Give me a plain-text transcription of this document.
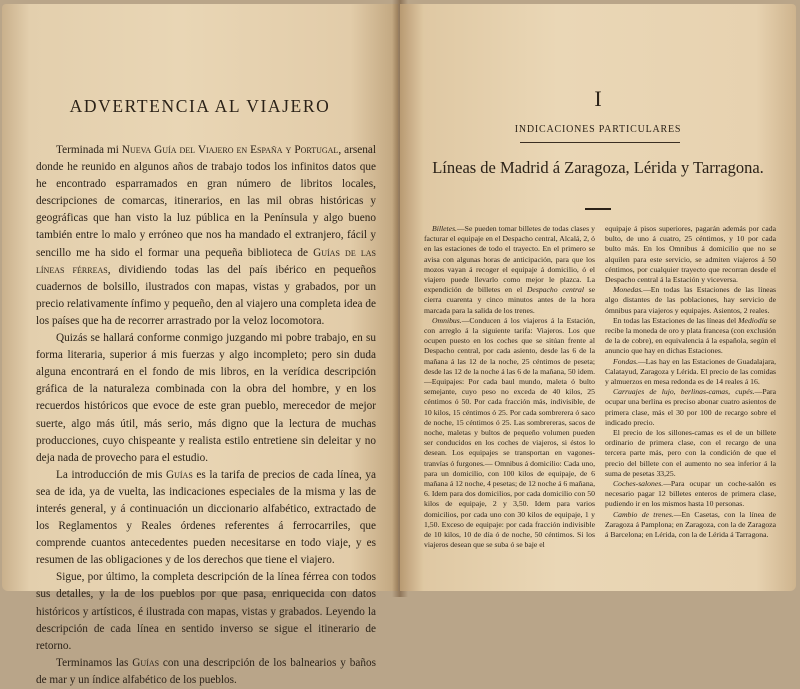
ADVERTENCIA AL VIAJERO

Terminada mi Nueva Guía del Viajero en España y Portugal, arsenal donde he reunido en algunos años de trabajo todos los infinitos datos que he encontrado esparramados en gran número de libritos locales, descripciones de comarcas, itinerarios, en las mil obras históricas y geográficas que han visto la luz pública en la Península y algo bueno también entre lo malo y erróneo que nos ha mandado el extranjero, fácil y sencillo me ha sido el formar una pequeña biblioteca de Guías de las líneas férreas, dividiendo todas las del país ibérico en pequeños cuadernos de bolsillo, ilustrados con mapas, vistas y grabados, por un precio relativamente ínfimo y pequeño, den al viajero una completa idea de los países que ha de recorrer arrastrado por la veloz locomotora.

Quizás se hallará conforme conmigo juzgando mi pobre trabajo, en su forma literaria, superior á mis fuerzas y algo incompleto; pero sin duda alguna encontrará en el fondo de mis libros, en la verídica descripción gráfica de la naturaleza combinada con la obra del hombre, y en los recuerdos históricos que evoce de este gran pueblo, merecedor de mejor suerte, algo más útil, más serio, más digno que la lectura de muchas producciones, cuyo chispeante y realista estilo entretiene sin deleitar y no deja nada de provecho para el estudio.

La introducción de mis Guías es la tarifa de precios de cada línea, ya sea de ida, ya de vuelta, las indicaciones especiales de la misma y las de interés general, y á continuación un diccionario alfabético, extractado de los Reglamentos y Reales órdenes referentes á ferrocarriles, que comprende cuantos antecedentes pueden necesitarse en todo viaje, y es resumen de las obligaciones y de los derechos que tiene el viajero.

Sigue, por último, la completa descripción de la línea férrea con todos sus detalles, y la de los pueblos por que pasa, enriquecida con datos históricos y artísticos, é ilustrada con mapas, vistas y grabados. Leyendo la descripción de cada línea en sentido inverso se sigue el itinerario de retorno.

Terminamos las Guías con una descripción de los balnearios y baños de mar y un índice alfabético de los pueblos.

I
INDICACIONES PARTICULARES
Líneas de Madrid á Zaragoza, Lérida y Tarragona.

Billetes.—Se pueden tomar billetes de todas clases y facturar el equipaje en el Despacho central, Alcalá, 2, ó en las estaciones de todo el trayecto. En el primero se avisa con algunas horas de anticipación, para que los mozos vayan á recoger el equipaje á domicilio, ó el viajero puede llevarlo como mejor le plazca. La expendición de billetes en el Despacho central se cierra cuarenta y cinco minutos antes de la hora marcada para la salida de los trenes.

Omnibus.—Conducen á los viajeros á la Estación, con arreglo á la siguiente tarifa: Viajeros. Los que ocupen puesto en los coches que se sitúan frente al Despacho central, por cada asiento, desde las 6 de la mañana á las 12 de la noche, 25 céntimos de peseta; desde las 12 de la noche á las 6 de la mañana, 50 idem. —Equipajes: Por cada baul mundo, maleta ó bulto semejante, cuyo peso no exceda de 40 kilos, 25 céntimos ó 50. Por cada fracción más, indivisible, de 10 kilos, 15 céntimos ó 25. Por cada sombrerera ó saco de noche, 15 céntimos ó 25. Las sombrereras, sacos de noche, maletas y bultos de pequeño volumen pueden ser conducidos en los coches de viajeros, si éstos lo desean. Los equipajes se transportan en vagones-tranvías ó furgones.— Omnibus á domicilio: Cada uno, para un domicilio, con 100 kilos de equipaje, de 6 mañana á 12 noche, 4 pesetas; de 12 noche á 6 mañana, 6. Idem para dos domicilios, por cada domicilio con 50 kilos de equipaje, 2 y 3,50. Idem para varios domicilios, por cada uno con 30 kilos de equipaje, 1 y 1,50. Exceso de equipaje: por cada fracción indivisible de 10 kilos, 10 de día ó de noche, 50 céntimos. Si los viajeros desean que se suba ó se baje el

equipaje á pisos superiores, pagarán además por cada bulto, de uno á cuatro, 25 céntimos, y 10 por cada bulto más. En los Omnibus á domicilio que no se alquilen para este servicio, se admiten viajeros á 50 céntimos, por cualquier trayecto que recorran desde el Despacho central á la Estación y viceversa.

Monedas.—En todas las Estaciones de las líneas algo distantes de las poblaciones, hay servicio de ómnibus para viajeros y equipajes. Asientos, 2 reales.

En todas las Estaciones de las líneas del Mediodía se recibe la moneda de oro y plata francesa (con exclusión de la de cobre), en equivalencia á la española, según el anuncio que hay en dichas Estaciones.

Fondas.—Las hay en las Estaciones de Guadalajara, Calatayud, Zaragoza y Lérida. El precio de las comidas y almuerzos en mesa redonda es de 14 reales á 16.

Carruajes de lujo, berlinas-camas, cupés.—Para ocupar una berlina es preciso abonar cuatro asientos de primera clase, más el 30 por 100 de recargo sobre el indicado precio.

El precio de los sillones-camas es el de un billete ordinario de primera clase, con el recargo de una tercera parte más, pero con la condición de que el precio del billete con el aumento no sea inferior á la suma de pesetas 33,25.

Coches-salones.—Para ocupar un coche-salón es necesario pagar 12 billetes enteros de primera clase, pudiendo ir en los mismos hasta 10 personas.

Cambio de trenes.—En Casetas, con la línea de Zaragoza á Pamplona; en Zaragoza, con la de Zaragoza á Barcelona; en Lérida, con la de Lérida á Tarragona.
